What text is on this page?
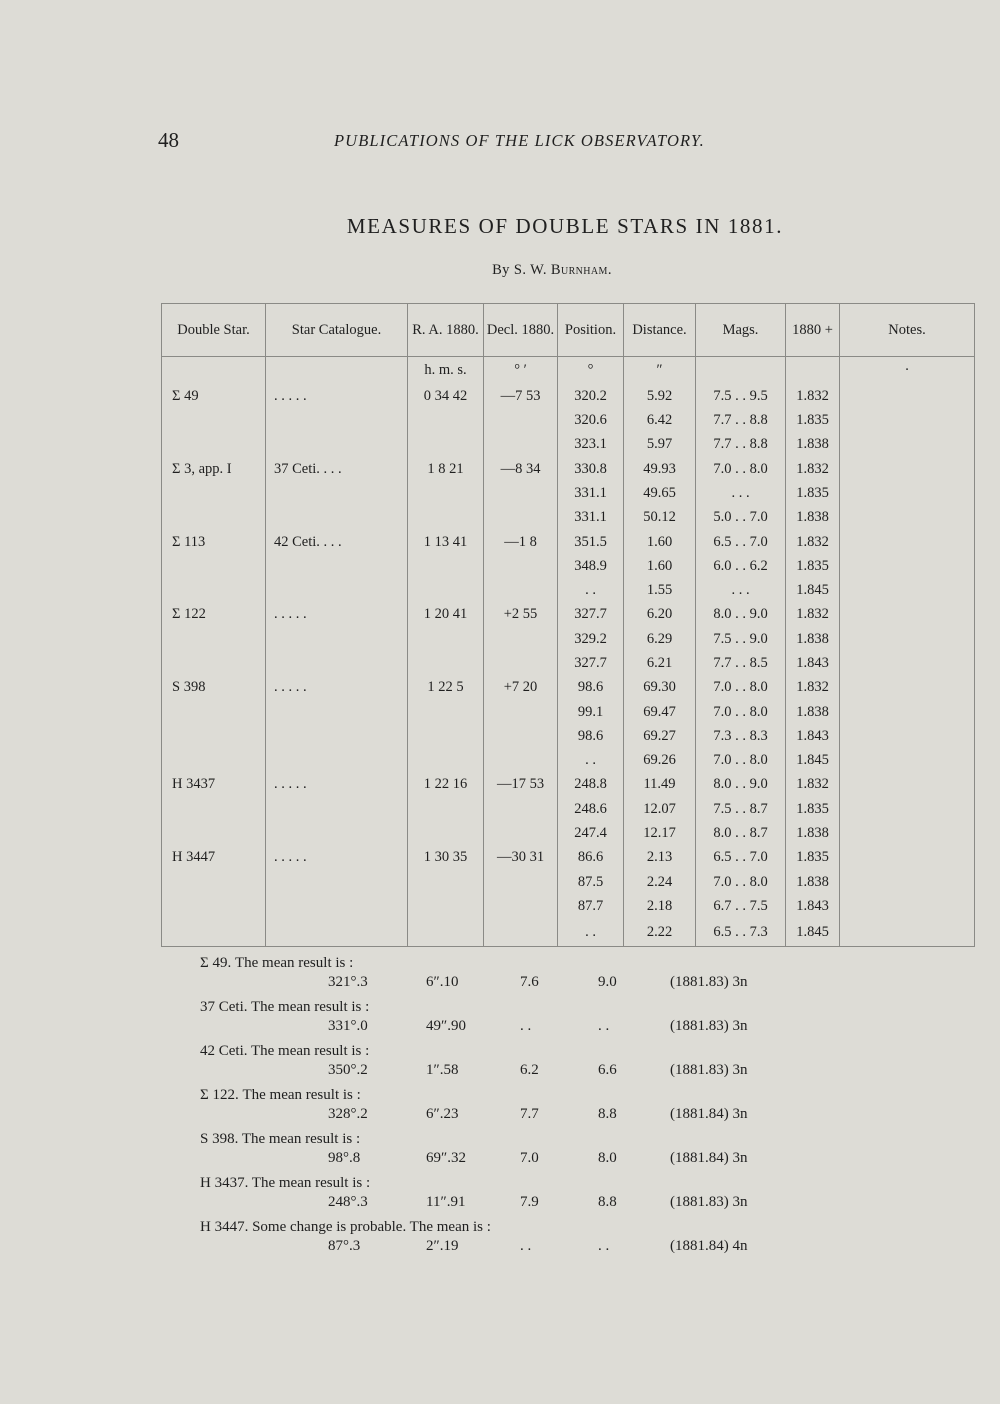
48	PUBLICATIONS OF THE LICK OBSERVATORY.
MEASURES OF DOUBLE STARS IN 1881.
By S. W. Burnham.
Double Star.	Star Catalogue.	R. A. 1880.	Decl. 1880.	Position.	Distance.	Mags.	1880 +	Notes.
		h. m. s.	° ′	°	″			·
Σ 49	. . . . .	0 34 42	—7 53	320.2	5.92	7.5 . . 9.5	1.832	
				320.6	6.42	7.7 . . 8.8	1.835	
				323.1	5.97	7.7 . . 8.8	1.838	
Σ 3, app. I	37 Ceti. . . .	1 8 21	—8 34	330.8	49.93	7.0 . . 8.0	1.832	
				331.1	49.65	. . .	1.835	
				331.1	50.12	5.0 . . 7.0	1.838	
Σ 113	42 Ceti. . . .	1 13 41	—1 8	351.5	1.60	6.5 . . 7.0	1.832	
				348.9	1.60	6.0 . . 6.2	1.835	
				. .	1.55	. . .	1.845	
Σ 122	. . . . .	1 20 41	+2 55	327.7	6.20	8.0 . . 9.0	1.832	
				329.2	6.29	7.5 . . 9.0	1.838	
				327.7	6.21	7.7 . . 8.5	1.843	
S 398	. . . . .	1 22 5	+7 20	98.6	69.30	7.0 . . 8.0	1.832	
				99.1	69.47	7.0 . . 8.0	1.838	
				98.6	69.27	7.3 . . 8.3	1.843	
				. .	69.26	7.0 . . 8.0	1.845	
H 3437	. . . . .	1 22 16	—17 53	248.8	11.49	8.0 . . 9.0	1.832	
				248.6	12.07	7.5 . . 8.7	1.835	
				247.4	12.17	8.0 . . 8.7	1.838	
H 3447	. . . . .	1 30 35	—30 31	86.6	2.13	6.5 . . 7.0	1.835	
				87.5	2.24	7.0 . . 8.0	1.838	
				87.7	2.18	6.7 . . 7.5	1.843	
				. .	2.22	6.5 . . 7.3	1.845	
Σ 49. The mean result is :
321°.3	6″.10	7.6	9.0	(1881.83) 3n
37 Ceti. The mean result is :
331°.0	49″.90	. .	. .	(1881.83) 3n
42 Ceti. The mean result is :
350°.2	1″.58	6.2	6.6	(1881.83) 3n
Σ 122. The mean result is :
328°.2	6″.23	7.7	8.8	(1881.84) 3n
S 398. The mean result is :
98°.8	69″.32	7.0	8.0	(1881.84) 3n
H 3437. The mean result is :
248°.3	11″.91	7.9	8.8	(1881.83) 3n
H 3447. Some change is probable. The mean is :
87°.3	2″.19	. .	. .	(1881.84) 4n
